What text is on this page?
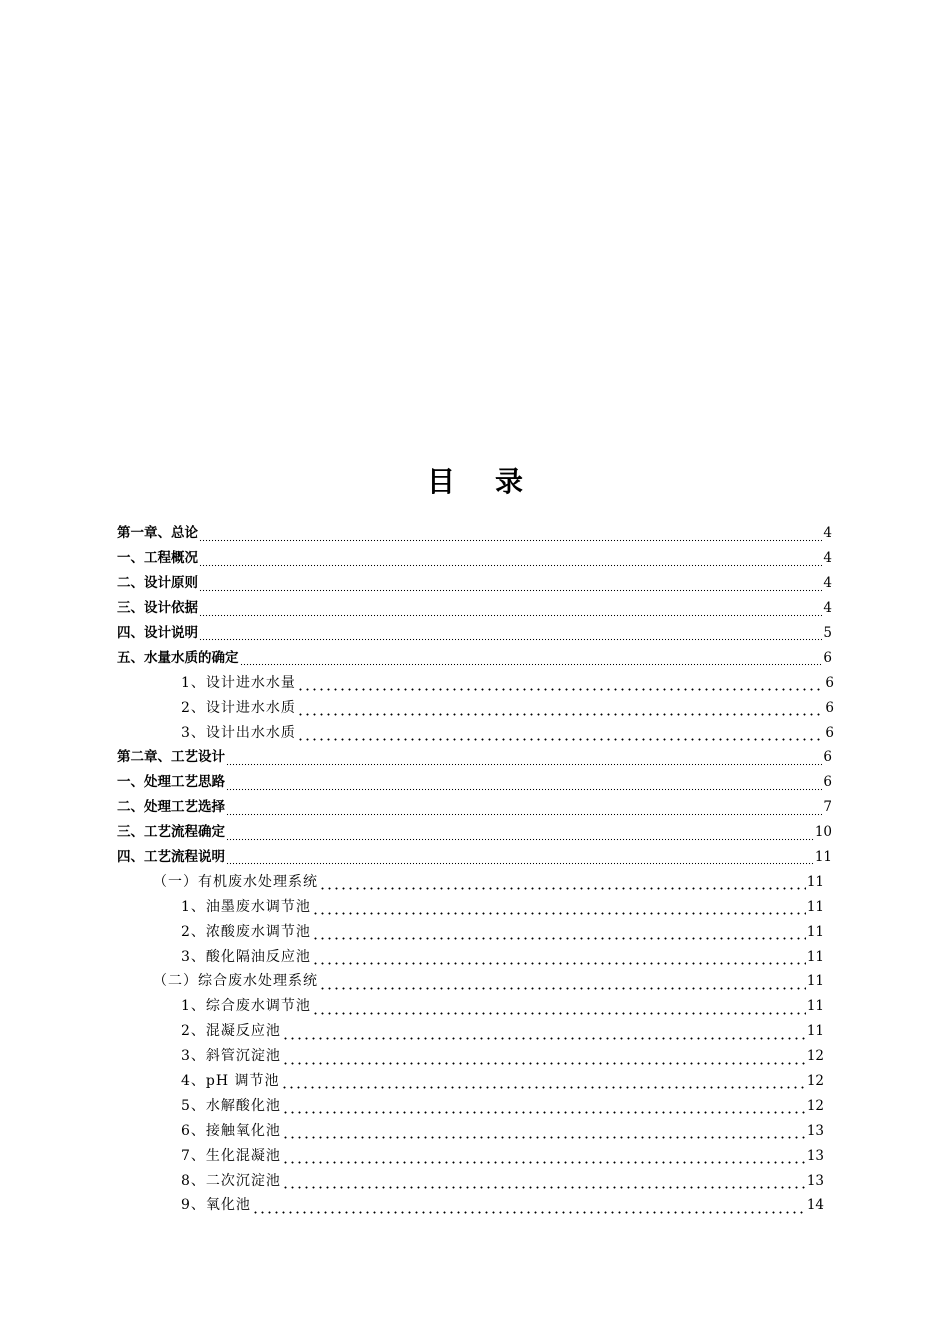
目录
第一章、总论	4
一、工程概况	4
二、设计原则	4
三、设计依据	4
四、设计说明	5
五、水量水质的确定	6
1、设计进水水量	6
2、设计进水水质	6
3、设计出水水质	6
第二章、工艺设计	6
一、处理工艺思路	6
二、处理工艺选择	7
三、工艺流程确定	10
四、工艺流程说明	11
（一）有机废水处理系统	11
1、油墨废水调节池	11
2、浓酸废水调节池	11
3、酸化隔油反应池	11
（二）综合废水处理系统	11
1、综合废水调节池	11
2、混凝反应池	11
3、斜管沉淀池	12
4、pH 调节池	12
5、水解酸化池	12
6、接触氧化池	13
7、生化混凝池	13
8、二次沉淀池	13
9、氧化池	14
